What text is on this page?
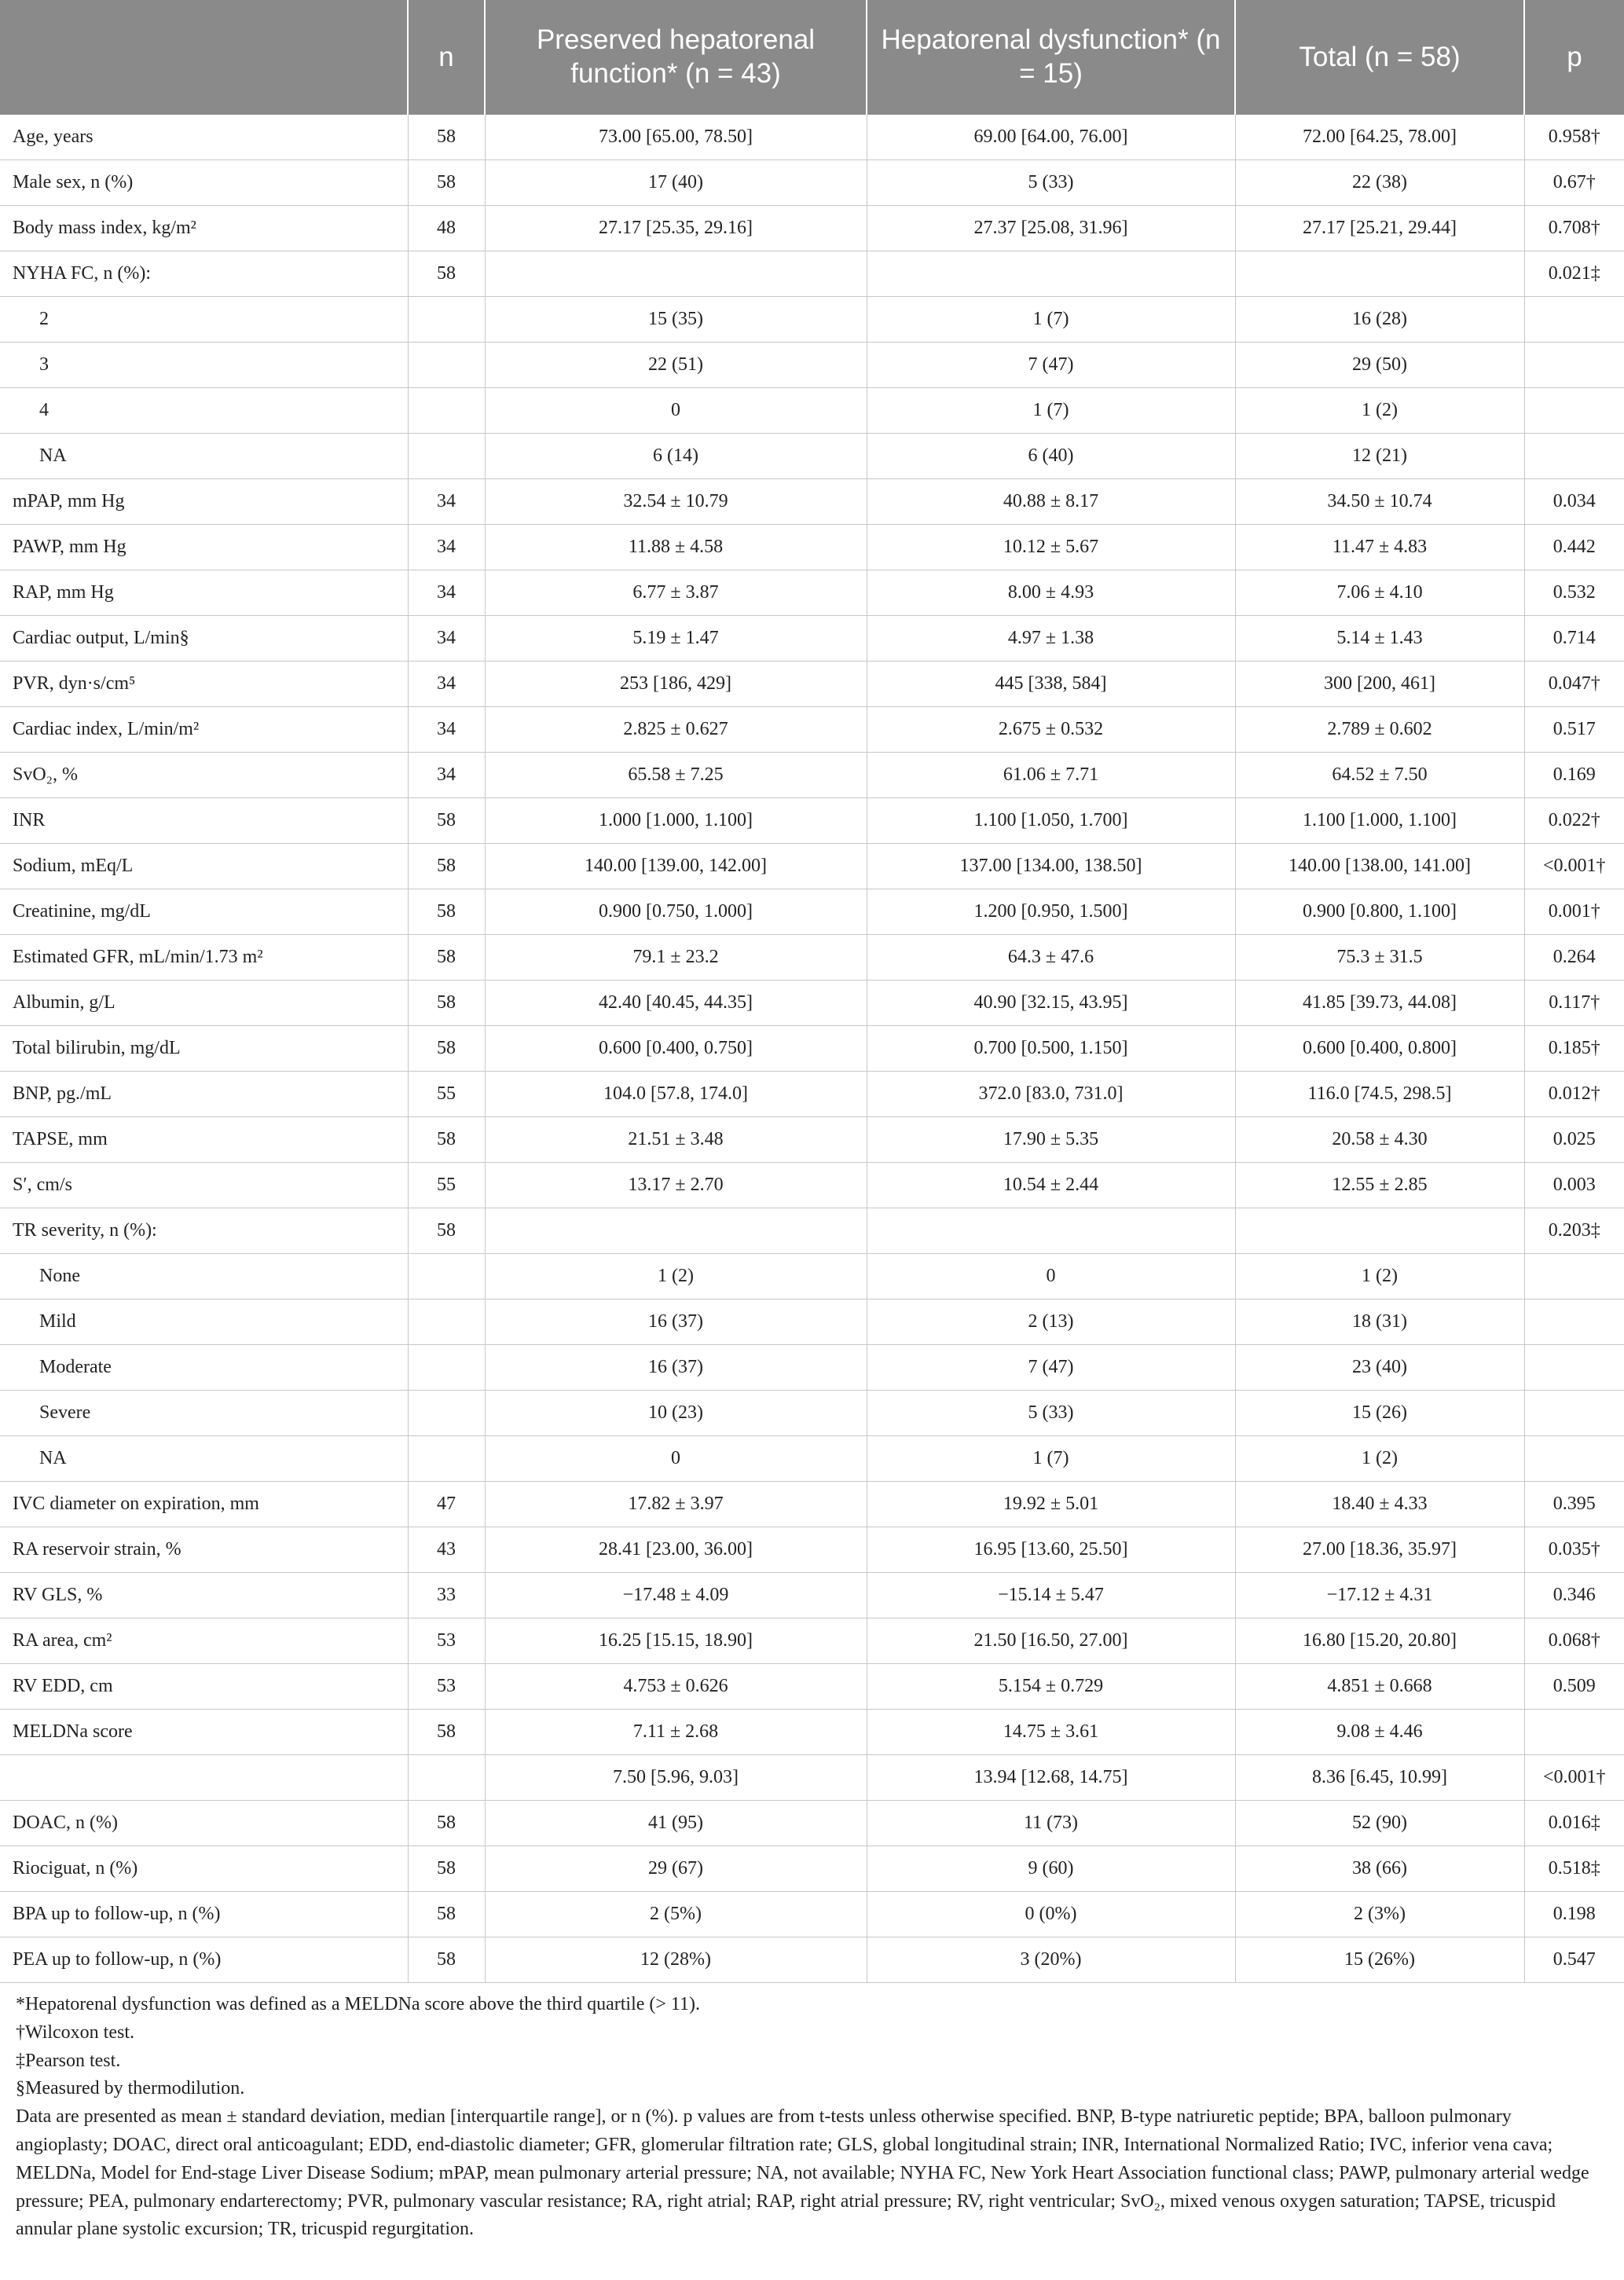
	n	Preserved hepatorenal function* (n = 43)	Hepatorenal dysfunction* (n = 15)	Total (n = 58)	p
Age, years	58	73.00 [65.00, 78.50]	69.00 [64.00, 76.00]	72.00 [64.25, 78.00]	0.958†
Male sex, n (%)	58	17 (40)	5 (33)	22 (38)	0.67†
Body mass index, kg/m²	48	27.17 [25.35, 29.16]	27.37 [25.08, 31.96]	27.17 [25.21, 29.44]	0.708†
NYHA FC, n (%):	58				0.021‡
2		15 (35)	1 (7)	16 (28)	
3		22 (51)	7 (47)	29 (50)	
4		0	1 (7)	1 (2)	
NA		6 (14)	6 (40)	12 (21)	
mPAP, mm Hg	34	32.54 ± 10.79	40.88 ± 8.17	34.50 ± 10.74	0.034
PAWP, mm Hg	34	11.88 ± 4.58	10.12 ± 5.67	11.47 ± 4.83	0.442
RAP, mm Hg	34	6.77 ± 3.87	8.00 ± 4.93	7.06 ± 4.10	0.532
Cardiac output, L/min§	34	5.19 ± 1.47	4.97 ± 1.38	5.14 ± 1.43	0.714
PVR, dyn·s/cm⁵	34	253 [186, 429]	445 [338, 584]	300 [200, 461]	0.047†
Cardiac index, L/min/m²	34	2.825 ± 0.627	2.675 ± 0.532	2.789 ± 0.602	0.517
SvO₂, %	34	65.58 ± 7.25	61.06 ± 7.71	64.52 ± 7.50	0.169
INR	58	1.000 [1.000, 1.100]	1.100 [1.050, 1.700]	1.100 [1.000, 1.100]	0.022†
Sodium, mEq/L	58	140.00 [139.00, 142.00]	137.00 [134.00, 138.50]	140.00 [138.00, 141.00]	<0.001†
Creatinine, mg/dL	58	0.900 [0.750, 1.000]	1.200 [0.950, 1.500]	0.900 [0.800, 1.100]	0.001†
Estimated GFR, mL/min/1.73 m²	58	79.1 ± 23.2	64.3 ± 47.6	75.3 ± 31.5	0.264
Albumin, g/L	58	42.40 [40.45, 44.35]	40.90 [32.15, 43.95]	41.85 [39.73, 44.08]	0.117†
Total bilirubin, mg/dL	58	0.600 [0.400, 0.750]	0.700 [0.500, 1.150]	0.600 [0.400, 0.800]	0.185†
BNP, pg./mL	55	104.0 [57.8, 174.0]	372.0 [83.0, 731.0]	116.0 [74.5, 298.5]	0.012†
TAPSE, mm	58	21.51 ± 3.48	17.90 ± 5.35	20.58 ± 4.30	0.025
S′, cm/s	55	13.17 ± 2.70	10.54 ± 2.44	12.55 ± 2.85	0.003
TR severity, n (%):	58				0.203‡
None		1 (2)	0	1 (2)	
Mild		16 (37)	2 (13)	18 (31)	
Moderate		16 (37)	7 (47)	23 (40)	
Severe		10 (23)	5 (33)	15 (26)	
NA		0	1 (7)	1 (2)	
IVC diameter on expiration, mm	47	17.82 ± 3.97	19.92 ± 5.01	18.40 ± 4.33	0.395
RA reservoir strain, %	43	28.41 [23.00, 36.00]	16.95 [13.60, 25.50]	27.00 [18.36, 35.97]	0.035†
RV GLS, %	33	−17.48 ± 4.09	−15.14 ± 5.47	−17.12 ± 4.31	0.346
RA area, cm²	53	16.25 [15.15, 18.90]	21.50 [16.50, 27.00]	16.80 [15.20, 20.80]	0.068†
RV EDD, cm	53	4.753 ± 0.626	5.154 ± 0.729	4.851 ± 0.668	0.509
MELDNa score	58	7.11 ± 2.68	14.75 ± 3.61	9.08 ± 4.46	
		7.50 [5.96, 9.03]	13.94 [12.68, 14.75]	8.36 [6.45, 10.99]	<0.001†
DOAC, n (%)	58	41 (95)	11 (73)	52 (90)	0.016‡
Riociguat, n (%)	58	29 (67)	9 (60)	38 (66)	0.518‡
BPA up to follow-up, n (%)	58	2 (5%)	0 (0%)	2 (3%)	0.198
PEA up to follow-up, n (%)	58	12 (28%)	3 (20%)	15 (26%)	0.547

*Hepatorenal dysfunction was defined as a MELDNa score above the third quartile (> 11).

†Wilcoxon test.

‡Pearson test.

§Measured by thermodilution.

Data are presented as mean ± standard deviation, median [interquartile range], or n (%). p values are from t-tests unless otherwise specified. BNP, B-type natriuretic peptide; BPA, balloon pulmonary angioplasty; DOAC, direct oral anticoagulant; EDD, end-diastolic diameter; GFR, glomerular filtration rate; GLS, global longitudinal strain; INR, International Normalized Ratio; IVC, inferior vena cava; MELDNa, Model for End-stage Liver Disease Sodium; mPAP, mean pulmonary arterial pressure; NA, not available; NYHA FC, New York Heart Association functional class; PAWP, pulmonary arterial wedge pressure; PEA, pulmonary endarterectomy; PVR, pulmonary vascular resistance; RA, right atrial; RAP, right atrial pressure; RV, right ventricular; SvO₂, mixed venous oxygen saturation; TAPSE, tricuspid annular plane systolic excursion; TR, tricuspid regurgitation.
